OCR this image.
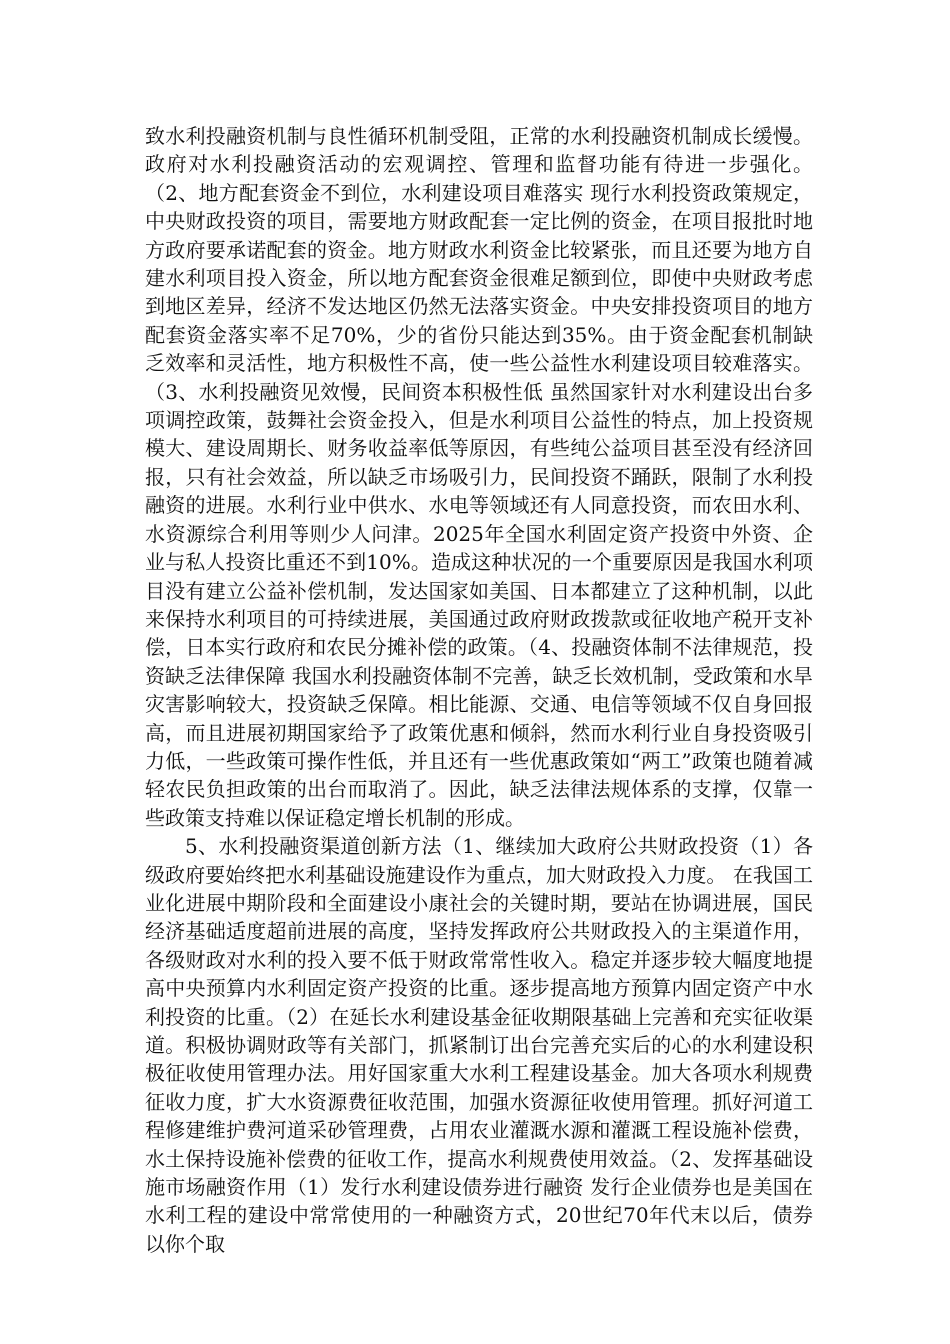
致水利投融资机制与良性循环机制受阻，正常的水利投融资机制成长缓慢。政府对水利投融资活动的宏观调控、管理和监督功能有待进一步强化。 （2、地方配套资金不到位，水利建设项目难落实 现行水利投资政策规定，中央财政投资的项目，需要地方财政配套一定比例的资金，在项目报批时地方政府要承诺配套的资金。地方财政水利资金比较紧张，而且还要为地方自建水利项目投入资金，所以地方配套资金很难足额到位，即使中央财政考虑到地区差异，经济不发达地区仍然无法落实资金。中央安排投资项目的地方配套资金落实率不足70%，少的省份只能达到35%。由于资金配套机制缺乏效率和灵活性，地方积极性不高，使一些公益性水利建设项目较难落实。 （3、水利投融资见效慢，民间资本积极性低 虽然国家针对水利建设出台多项调控政策，鼓舞社会资金投入，但是水利项目公益性的特点，加上投资规模大、建设周期长、财务收益率低等原因，有些纯公益项目甚至没有经济回报，只有社会效益，所以缺乏市场吸引力，民间投资不踊跃，限制了水利投融资的进展。水利行业中供水、水电等领域还有人同意投资，而农田水利、水资源综合利用等则少人问津。2025年全国水利固定资产投资中外资、企业与私人投资比重还不到10%。造成这种状况的一个重要原因是我国水利项目没有建立公益补偿机制，发达国家如美国、日本都建立了这种机制，以此来保持水利项目的可持续进展，美国通过政府财政拨款或征收地产税开支补偿，日本实行政府和农民分摊补偿的政策。（4、投融资体制不法律规范，投资缺乏法律保障 我国水利投融资体制不完善，缺乏长效机制，受政策和水旱灾害影响较大，投资缺乏保障。相比能源、交通、电信等领域不仅自身回报高，而且进展初期国家给予了政策优惠和倾斜，然而水利行业自身投资吸引力低，一些政策可操作性低，并且还有一些优惠政策如“两工”政策也随着减轻农民负担政策的出台而取消了。因此，缺乏法律法规体系的支撑，仅靠一些政策支持难以保证稳定增长机制的形成。

5、水利投融资渠道创新方法（1、继续加大政府公共财政投资（1）各级政府要始终把水利基础设施建设作为重点，加大财政投入力度。 在我国工业化进展中期阶段和全面建设小康社会的关键时期，要站在协调进展，国民经济基础适度超前进展的高度，坚持发挥政府公共财政投入的主渠道作用，各级财政对水利的投入要不低于财政常常性收入。稳定并逐步较大幅度地提高中央预算内水利固定资产投资的比重。逐步提高地方预算内固定资产中水利投资的比重。（2）在延长水利建设基金征收期限基础上完善和充实征收渠道。积极协调财政等有关部门，抓紧制订出台完善充实后的心的水利建设积极征收使用管理办法。用好国家重大水利工程建设基金。加大各项水利规费征收力度，扩大水资源费征收范围，加强水资源征收使用管理。抓好河道工程修建维护费河道采砂管理费，占用农业灌溉水源和灌溉工程设施补偿费，水土保持设施补偿费的征收工作，提高水利规费使用效益。（2、发挥基础设施市场融资作用（1）发行水利建设债券进行融资 发行企业债券也是美国在水利工程的建设中常常使用的一种融资方式，20世纪70年代末以后，债券以你个取
